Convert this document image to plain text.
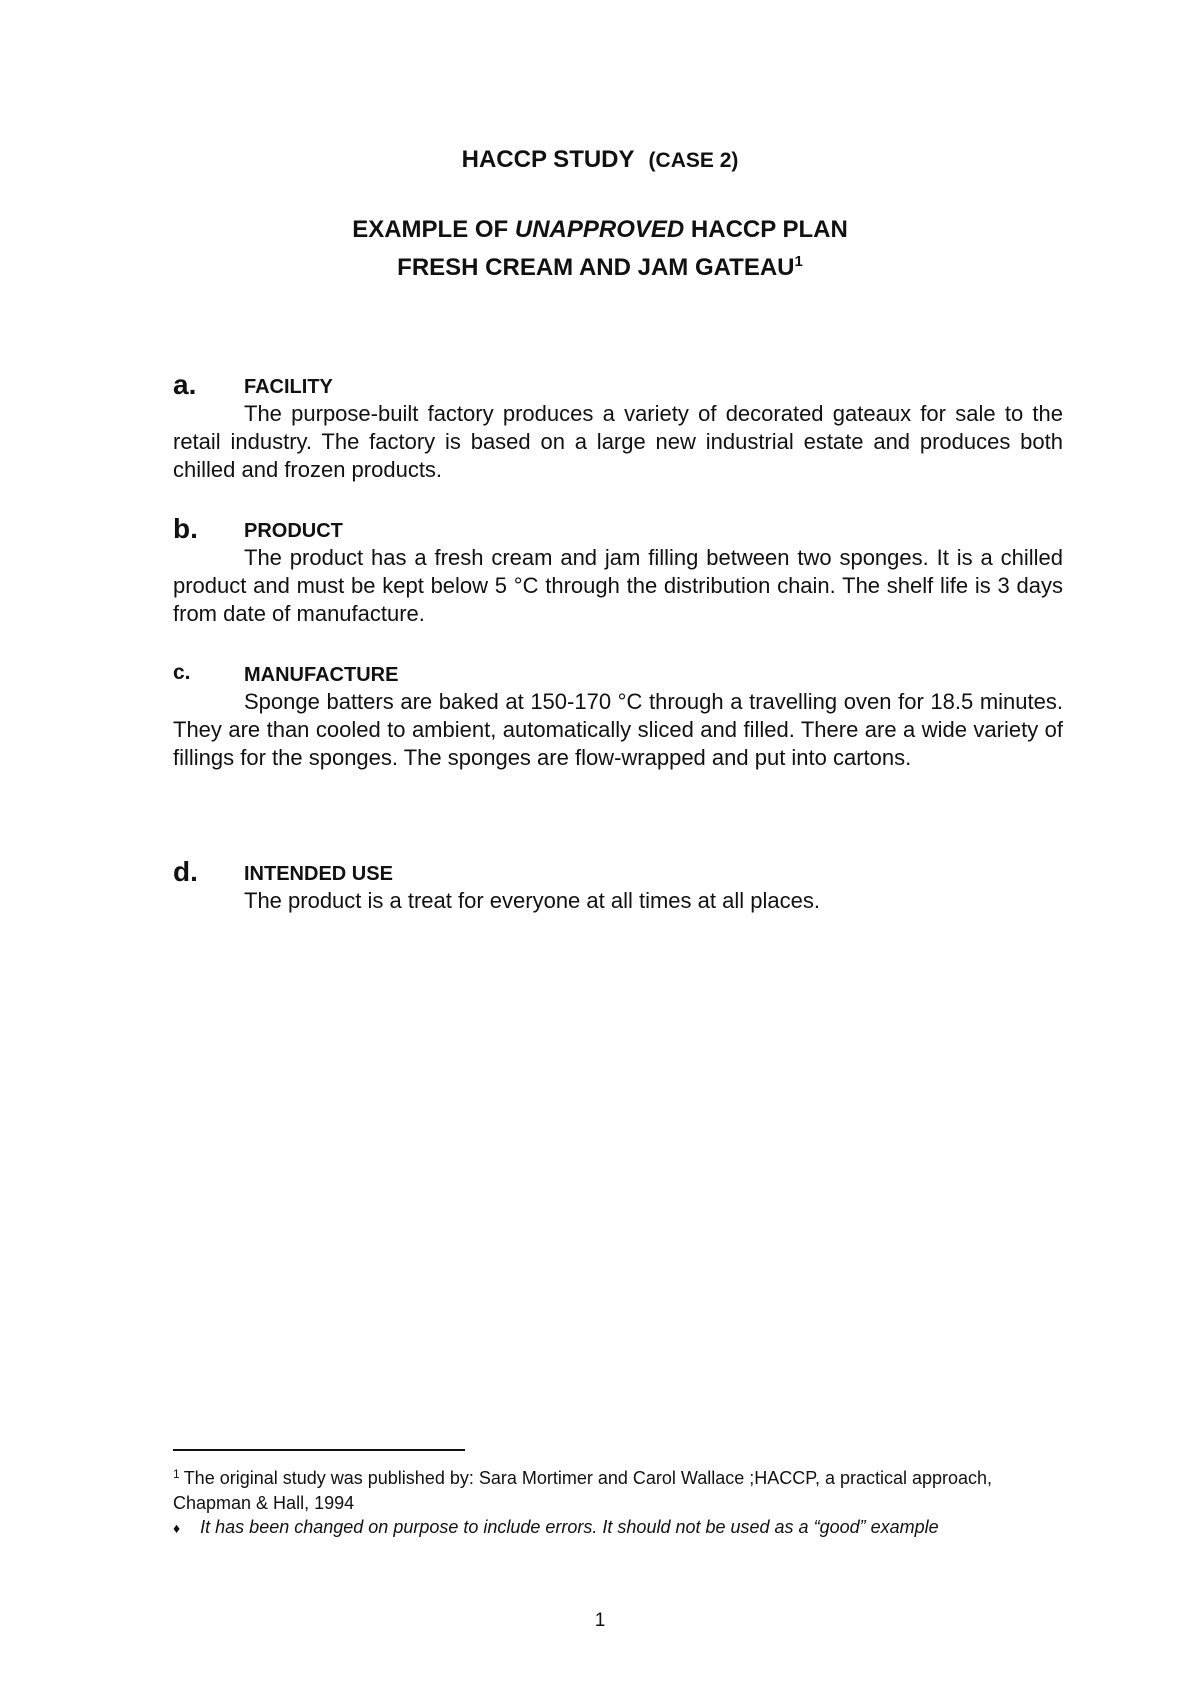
HACCP STUDY (CASE 2)
EXAMPLE OF UNAPPROVED HACCP PLAN
FRESH CREAM AND JAM GATEAU$^1$
a. FACILITY

The purpose-built factory produces a variety of decorated gateaux for sale to the retail industry. The factory is based on a large new industrial estate and produces both chilled and frozen products.

b. PRODUCT

The product has a fresh cream and jam filling between two sponges. It is a chilled product and must be kept below 5 °C through the distribution chain. The shelf life is 3 days from date of manufacture.

c.	MANUFACTURE

Sponge batters are baked at 150-170 °C through a travelling oven for 18.5 minutes. They are than cooled to ambient, automatically sliced and filled. There are a wide variety of fillings for the sponges. The sponges are flow-wrapped and put into cartons.

d. INTENDED USE

The product is a treat for everyone at all times at all places.

$^1$ The original study was published by: Sara Mortimer and Carol Wallace ;HACCP, a practical approach, Chapman & Hall, 1994
♦ It has been changed on purpose to include errors. It should not be used as a “good” example
1
